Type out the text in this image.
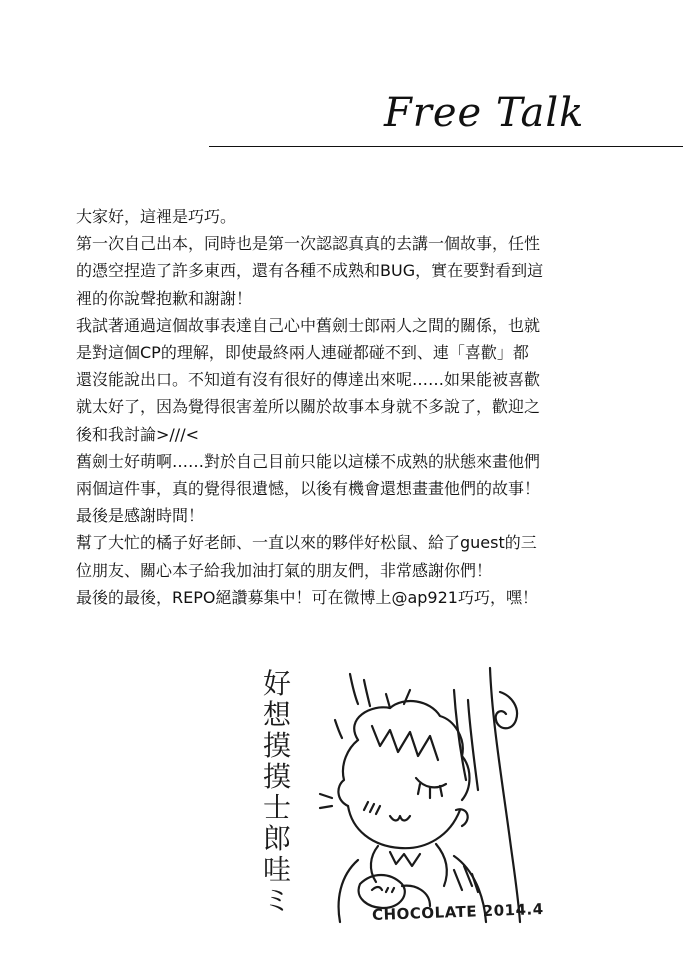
Free Talk
大家好，這裡是巧巧。
第一次自己出本，同時也是第一次認認真真的去講一個故事，任性
的憑空捏造了許多東西，還有各種不成熟和BUG，實在要對看到這
裡的你說聲抱歉和謝謝！
我試著通過這個故事表達自己心中舊劍士郎兩人之間的關係，也就
是對這個CP的理解，即使最終兩人連碰都碰不到、連「喜歡」都
還沒能說出口。不知道有沒有很好的傳達出來呢……如果能被喜歡
就太好了，因為覺得很害羞所以關於故事本身就不多說了，歡迎之
後和我討論>///<
舊劍士好萌啊……對於自己目前只能以這樣不成熟的狀態來畫他們
兩個這件事，真的覺得很遺憾，以後有機會還想畫畫他們的故事！
最後是感謝時間！
幫了大忙的橘子好老師、一直以來的夥伴好松鼠、給了guest的三
位朋友、關心本子給我加油打氣的朋友們，非常感謝你們！
最後的最後，REPO絕讚募集中！可在微博上@ap921巧巧，嘿！
好
想
摸
摸
士
郎
哇
ミ	CHOCOLATE 2014.4
